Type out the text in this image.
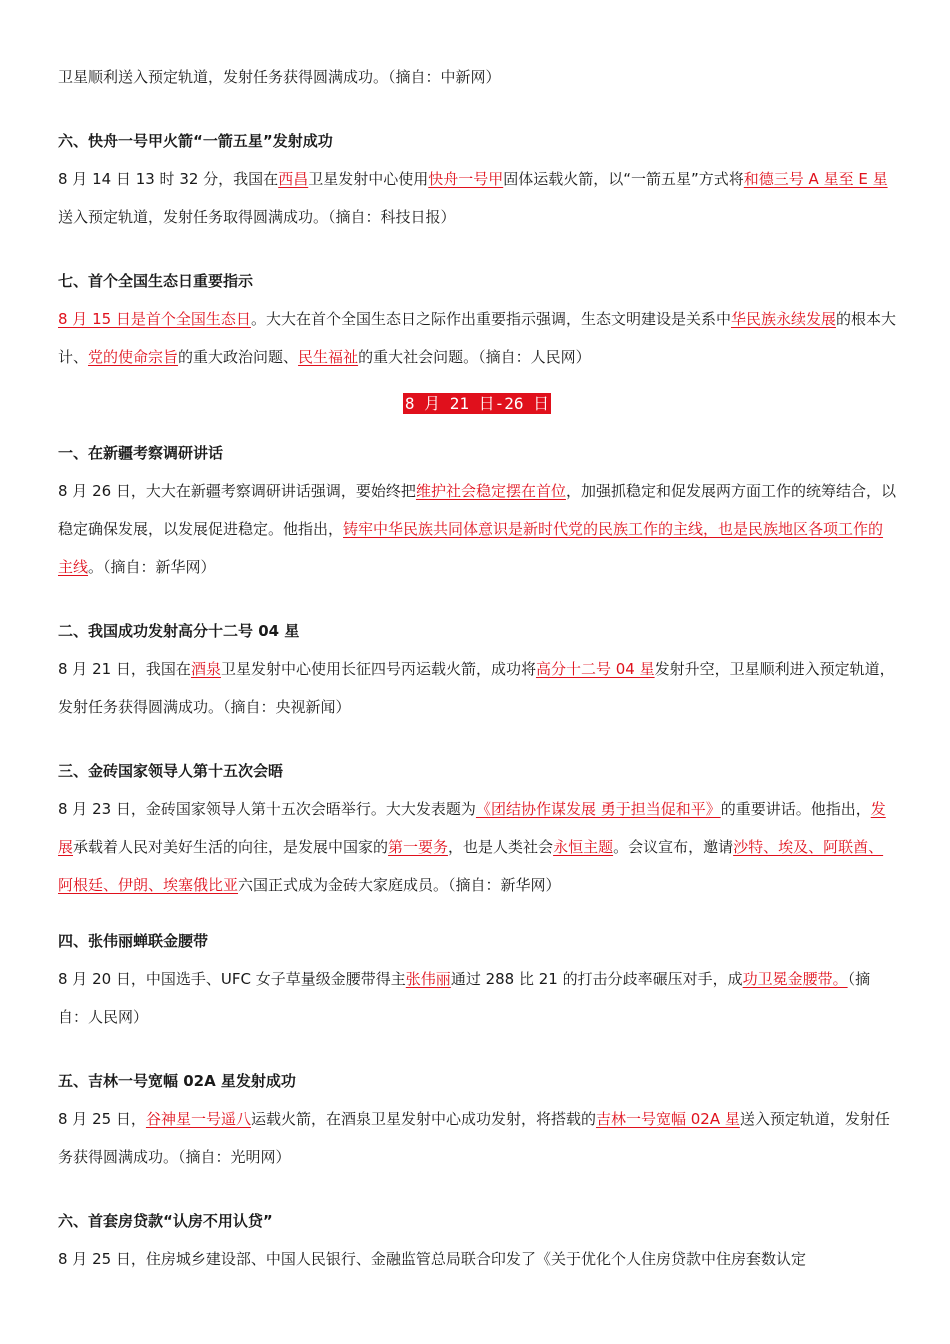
卫星顺利送入预定轨道，发射任务获得圆满成功。（摘自：中新网）

六、快舟一号甲火箭“一箭五星”发射成功

8 月 14 日 13 时 32 分，我国在西昌卫星发射中心使用快舟一号甲固体运载火箭，以“一箭五星”方式将和德三号 A 星至 E 星送入预定轨道，发射任务取得圆满成功。（摘自：科技日报）

七、首个全国生态日重要指示

8 月 15 日是首个全国生态日。大大在首个全国生态日之际作出重要指示强调，生态文明建设是关系中华民族永续发展的根本大计、党的使命宗旨的重大政治问题、民生福祉的重大社会问题。（摘自：人民网）

8 月 21 日-26 日
一、在新疆考察调研讲话

8 月 26 日，大大在新疆考察调研讲话强调，要始终把维护社会稳定摆在首位，加强抓稳定和促发展两方面工作的统筹结合，以稳定确保发展，以发展促进稳定。他指出，铸牢中华民族共同体意识是新时代党的民族工作的主线，也是民族地区各项工作的主线。（摘自：新华网）

二、我国成功发射高分十二号 04 星

8 月 21 日，我国在酒泉卫星发射中心使用长征四号丙运载火箭，成功将高分十二号 04 星发射升空，卫星顺利进入预定轨道，发射任务获得圆满成功。（摘自：央视新闻）

三、金砖国家领导人第十五次会晤

8 月 23 日，金砖国家领导人第十五次会晤举行。大大发表题为《团结协作谋发展 勇于担当促和平》的重要讲话。他指出，发展承载着人民对美好生活的向往，是发展中国家的第一要务，也是人类社会永恒主题。会议宣布，邀请沙特、埃及、阿联酋、阿根廷、伊朗、埃塞俄比亚六国正式成为金砖大家庭成员。（摘自：新华网）

四、张伟丽蝉联金腰带

8 月 20 日，中国选手、UFC 女子草量级金腰带得主张伟丽通过 288 比 21 的打击分歧率碾压对手，成功卫冕金腰带。（摘自：人民网）

五、吉林一号宽幅 02A 星发射成功

8 月 25 日，谷神星一号遥八运载火箭，在酒泉卫星发射中心成功发射，将搭载的吉林一号宽幅 02A 星送入预定轨道，发射任务获得圆满成功。（摘自：光明网）

六、首套房贷款“认房不用认贷”

8 月 25 日，住房城乡建设部、中国人民银行、金融监管总局联合印发了《关于优化个人住房贷款中住房套数认定
